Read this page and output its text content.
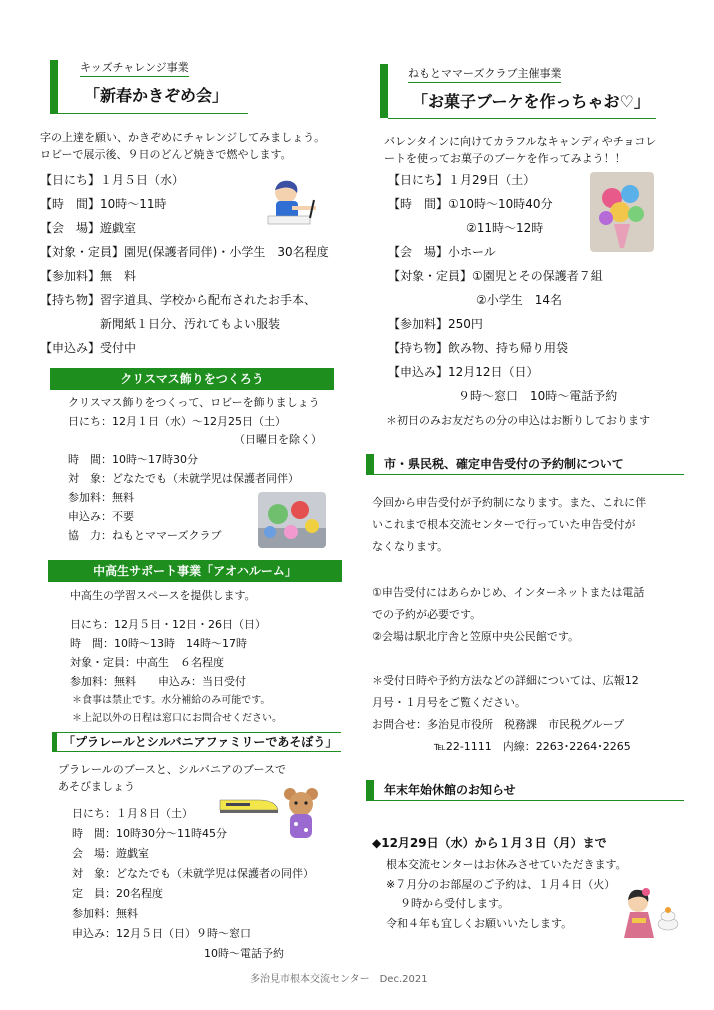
キッズチャレンジ事業
「新春かきぞめ会」
字の上達を願い、かきぞめにチャレンジしてみましょう。
ロビーで展示後、９日のどんど焼きで燃やします。
【日にち】１月５日（水）
【時　間】10時～11時
【会　場】遊戯室
【対象・定員】園児(保護者同伴)・小学生　30名程度
【参加料】無　料
【持ち物】習字道具、学校から配布されたお手本、
　　　　　新聞紙１日分、汚れてもよい服装
【申込み】受付中
クリスマス飾りをつくろう
クリスマス飾りをつくって、ロビーを飾りましょう
日にち：12月１日（水）～12月25日（土）
（日曜日を除く）
時　間：10時～17時30分
対　象：どなたでも（未就学児は保護者同伴）
参加料：無料
申込み：不要
協　力：ねもとママーズクラブ
中高生サポート事業「アオハルーム」
中高生の学習スペースを提供します。
日にち：12月５日・12日・26日（日）
時　間：10時～13時　14時～17時
対象・定員：中高生　６名程度
参加料：無料　　申込み：当日受付
＊食事は禁止です。水分補給のみ可能です。
＊上記以外の日程は窓口にお問合せください。
「プラレールとシルバニアファミリーであそぼう」
プラレールのブースと、シルバニアのブースで
あそびましょう
日にち：１月８日（土）
時　間：10時30分～11時45分
会　場：遊戯室
対　象：どなたでも（未就学児は保護者の同伴）
定　員：20名程度
参加料：無料
申込み：12月５日（日）９時～窓口
10時～電話予約
ねもとママーズクラブ主催事業
「お菓子ブーケを作っちゃお♡」
バレンタインに向けてカラフルなキャンディやチョコレ
ートを使ってお菓子のブーケを作ってみよう！！
【日にち】１月29日（土）
【時　間】①10時～10時40分
②11時～12時
【会　場】小ホール
【対象・定員】①園児とその保護者７組
②小学生　14名
【参加料】250円
【持ち物】飲み物、持ち帰り用袋
【申込み】12月12日（日）
９時～窓口　10時～電話予約
＊初日のみお友だちの分の申込はお断りしております
市・県民税、確定申告受付の予約制について
今回から申告受付が予約制になります。また、これに伴
いこれまで根本交流センターで行っていた申告受付が
なくなります。
①申告受付にはあらかじめ、インターネットまたは電話
での予約が必要です。
②会場は駅北庁舎と笠原中央公民館です。
＊受付日時や予約方法などの詳細については、広報12
月号・１月号をご覧ください。
お問合せ：多治見市役所　税務課　市民税グループ
℡22-1111　内線：2263･2264･2265
年末年始休館のお知らせ
◆12月29日（水）から１月３日（月）まで
根本交流センターはお休みさせていただきます。
※７月分のお部屋のご予約は、１月４日（火）
９時から受付します。
令和４年も宜しくお願いいたします。
多治見市根本交流センター　Dec.2021
